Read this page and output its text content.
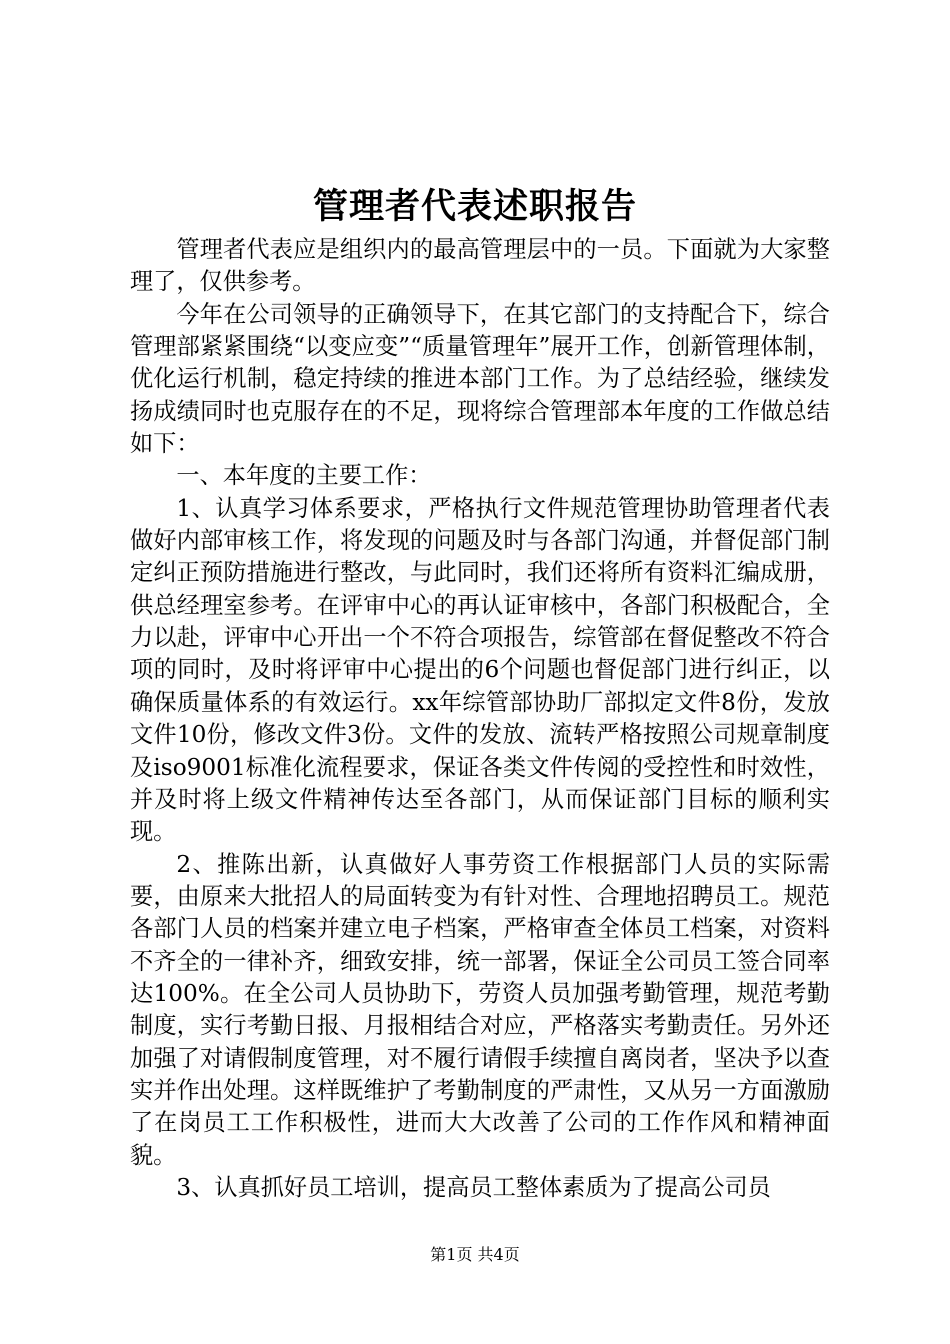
管理者代表述职报告

管理者代表应是组织内的最高管理层中的一员。下面就为大家整理了，仅供参考。

今年在公司领导的正确领导下，在其它部门的支持配合下，综合管理部紧紧围绕“以变应变”“质量管理年”展开工作，创新管理体制，优化运行机制，稳定持续的推进本部门工作。为了总结经验，继续发扬成绩同时也克服存在的不足，现将综合管理部本年度的工作做总结如下：

一、本年度的主要工作：

1、认真学习体系要求，严格执行文件规范管理协助管理者代表做好内部审核工作，将发现的问题及时与各部门沟通，并督促部门制定纠正预防措施进行整改，与此同时，我们还将所有资料汇编成册，供总经理室参考。在评审中心的再认证审核中，各部门积极配合，全力以赴，评审中心开出一个不符合项报告，综管部在督促整改不符合项的同时，及时将评审中心提出的6个问题也督促部门进行纠正，以确保质量体系的有效运行。xx年综管部协助厂部拟定文件8份，发放文件10份，修改文件3份。文件的发放、流转严格按照公司规章制度及iso9001标准化流程要求，保证各类文件传阅的受控性和时效性，并及时将上级文件精神传达至各部门，从而保证部门目标的顺利实现。

2、推陈出新，认真做好人事劳资工作根据部门人员的实际需要，由原来大批招人的局面转变为有针对性、合理地招聘员工。规范各部门人员的档案并建立电子档案，严格审查全体员工档案，对资料不齐全的一律补齐，细致安排，统一部署，保证全公司员工签合同率达100%。在全公司人员协助下，劳资人员加强考勤管理，规范考勤制度，实行考勤日报、月报相结合对应，严格落实考勤责任。另外还加强了对请假制度管理，对不履行请假手续擅自离岗者，坚决予以查实并作出处理。这样既维护了考勤制度的严肃性，又从另一方面激励了在岗员工工作积极性，进而大大改善了公司的工作作风和精神面貌。

3、认真抓好员工培训，提高员工整体素质为了提高公司员

第1页 共4页
